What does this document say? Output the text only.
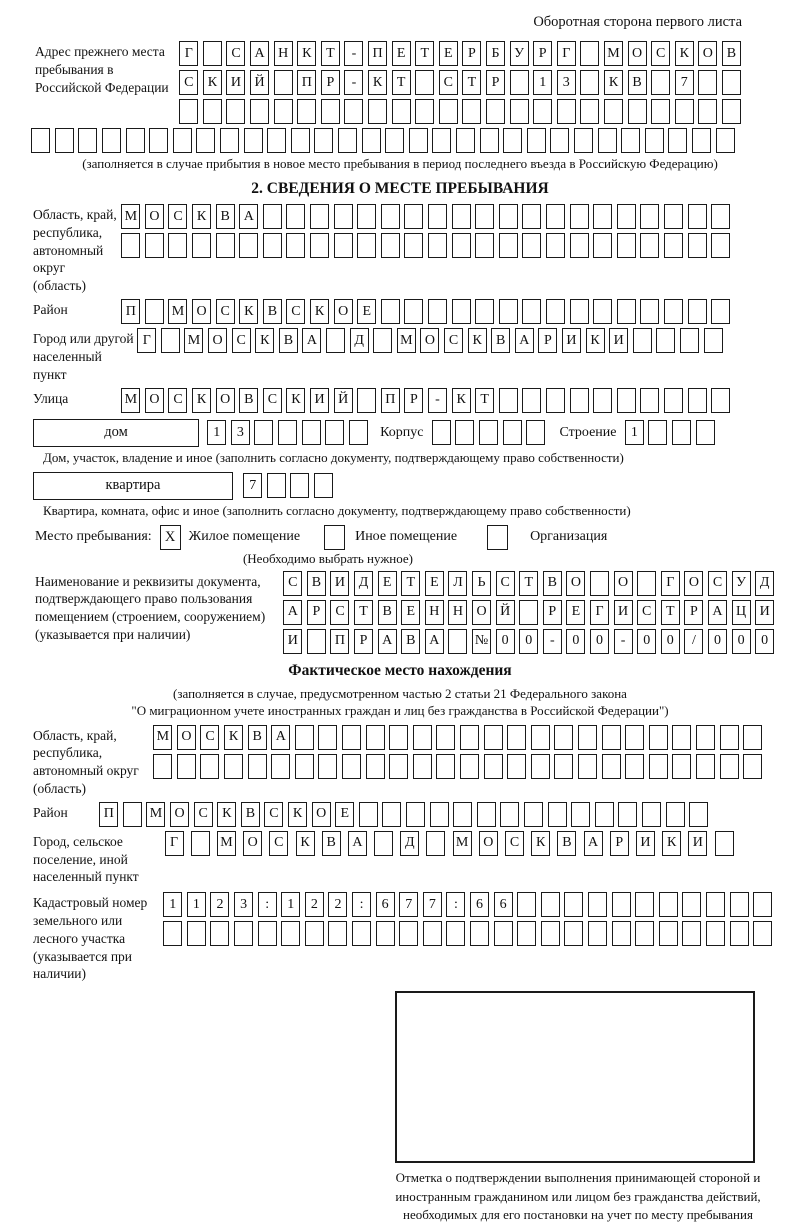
Оборотная сторона первого листа
Адрес прежнего места пребывания в Российской Федерации
Г	С А Н К	Т	-	П	Е	Т	Е	Р	Б	У	Р	Г	М О С	К О В
С	К И Й	П	Р	-	К	Т	С	Т	Р	1	3	К	В	7
(заполняется в случае прибытия в новое место пребывания в период последнего въезда в Российскую Федерацию)
2. СВЕДЕНИЯ О МЕСТЕ ПРЕБЫВАНИЯ
Область, край, республика, автономный округ (область)
М О С	К	В А
Район	П	М О С	К	В	С	К О	Е
Город или другой населенный пункт
Г	М О С	К	В А	Д	М О С	К	В А	Р	И К И
Улица	М О С	К О В	С	К И Й	П	Р	-	К	Т
дом	1	3	Корпус	Строение	1
Дом, участок, владение и иное (заполнить согласно документу, подтверждающему право собственности)
квартира	7
Квартира, комната, офис и иное (заполнить согласно документу, подтверждающему право собственности)
Место пребывания: X Жилое помещение	Иное помещение	Организация
(Необходимо выбрать нужное)
Наименование и реквизиты документа, подтверждающего право пользования помещением (строением, сооружением) (указывается при наличии)
С	В И Д	Е	Т	Е	Л	Ь	С	Т	В О	О	Г	О С У Д
А	Р	С	Т	В	Е	Н Н О Й	Р	Е	Г	И С	Т	Р	А Ц И
И	П	Р	А В А	№ 0	0	-	0	0	-	0	0	/	0	0	0
Фактическое место нахождения
(заполняется в случае, предусмотренном частью 2 статьи 21 Федерального закона
"О миграционном учете иностранных граждан и лиц без гражданства в Российской Федерации")
Область, край, республика, автономный округ (область)
М О С	К	В А
Район	П	М О С	К	В	С	К О	Е
Город, сельское поселение, иной населенный пункт
Г	М	О	С	К	В	А	Д	М	О	С	К	В	А	Р	И	К	И
Кадастровый номер земельного или лесного участка (указывается при наличии)
1	1	2	3	:	1	2	2	:	6	7	7	:	6	6
Отметка о подтверждении выполнения принимающей стороной и иностранным гражданином или лицом без гражданства действий, необходимых для его постановки на учет по месту пребывания
